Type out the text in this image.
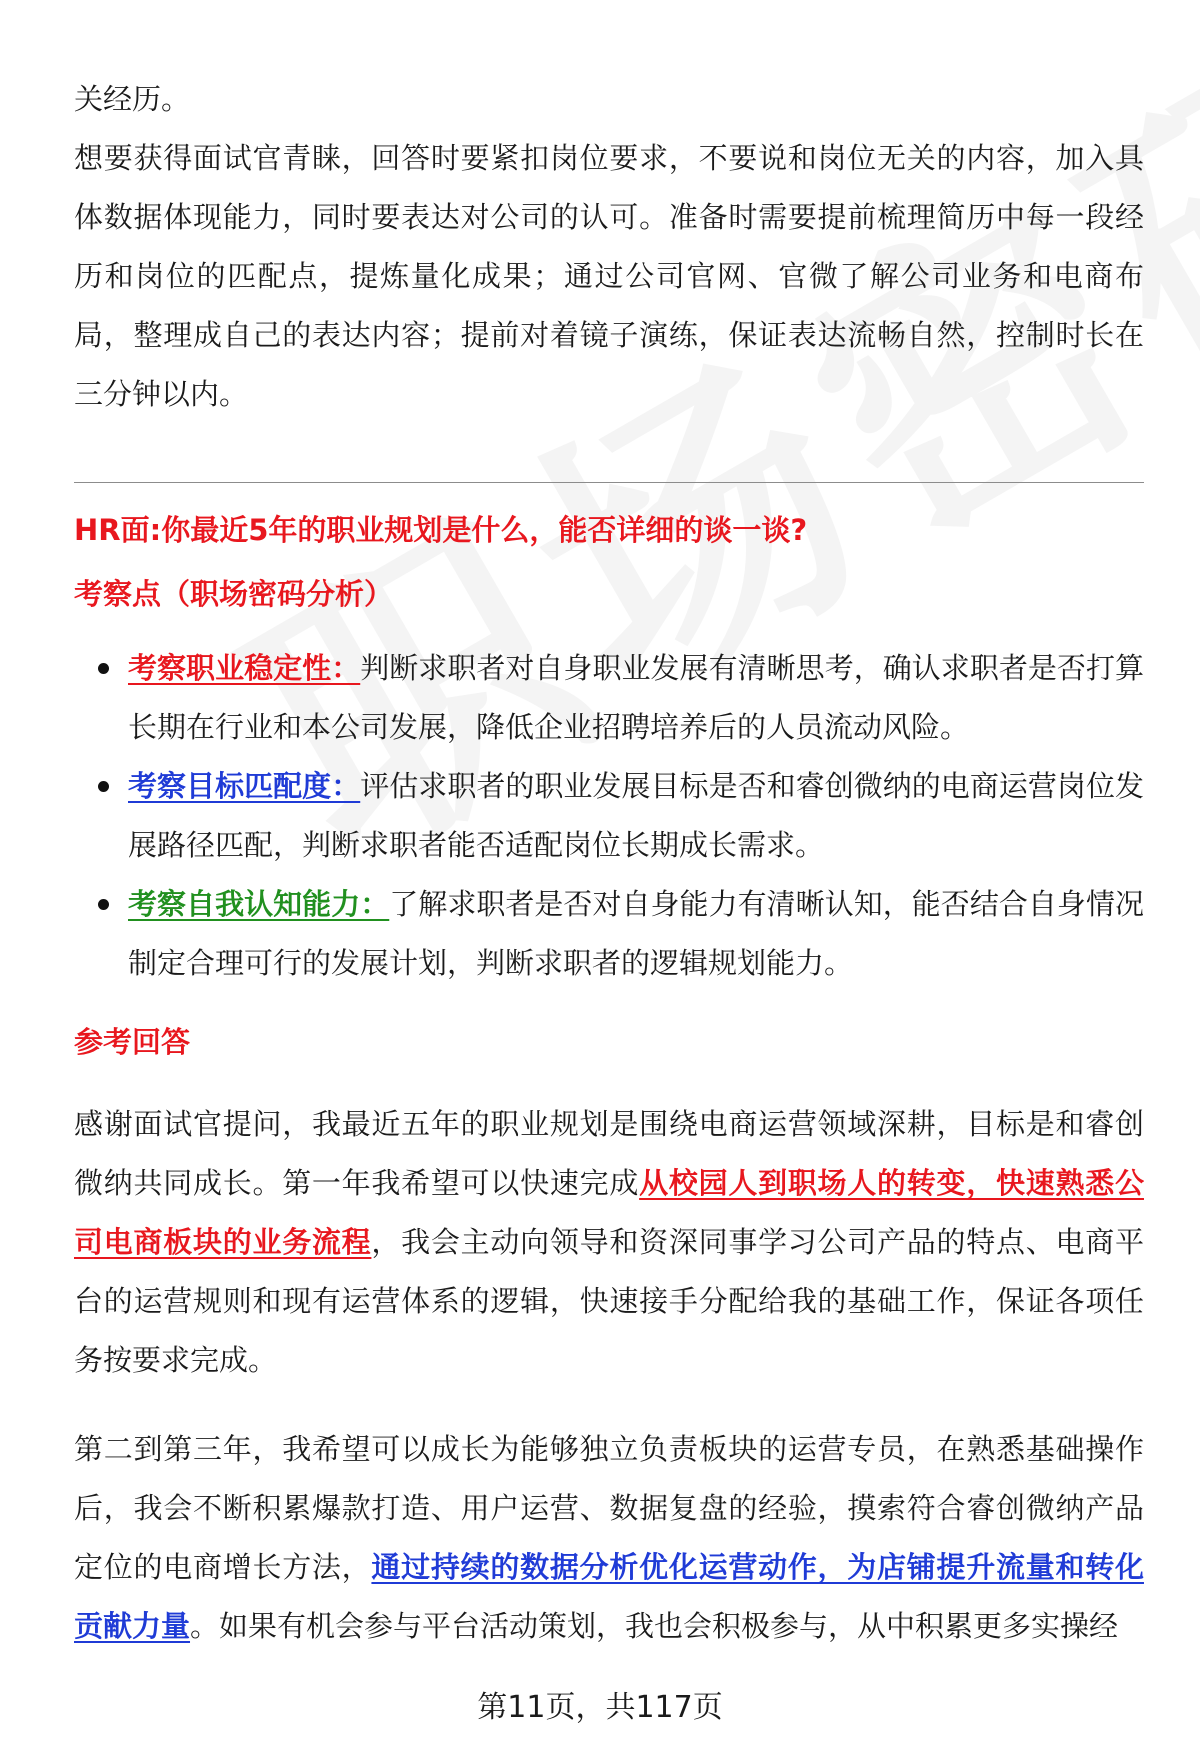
关经历。

想要获得面试官青睐，回答时要紧扣岗位要求，不要说和岗位无关的内容，加入具体数据体现能力，同时要表达对公司的认可。准备时需要提前梳理简历中每一段经历和岗位的匹配点，提炼量化成果；通过公司官网、官微了解公司业务和电商布局，整理成自己的表达内容；提前对着镜子演练，保证表达流畅自然，控制时长在三分钟以内。

HR面:你最近5年的职业规划是什么，能否详细的谈一谈?
考察点（职场密码分析）
考察职业稳定性：判断求职者对自身职业发展有清晰思考，确认求职者是否打算长期在行业和本公司发展，降低企业招聘培养后的人员流动风险。
考察目标匹配度：评估求职者的职业发展目标是否和睿创微纳的电商运营岗位发展路径匹配，判断求职者能否适配岗位长期成长需求。
考察自我认知能力：了解求职者是否对自身能力有清晰认知，能否结合自身情况制定合理可行的发展计划，判断求职者的逻辑规划能力。
参考回答

感谢面试官提问，我最近五年的职业规划是围绕电商运营领域深耕，目标是和睿创微纳共同成长。第一年我希望可以快速完成从校园人到职场人的转变，快速熟悉公司电商板块的业务流程，我会主动向领导和资深同事学习公司产品的特点、电商平台的运营规则和现有运营体系的逻辑，快速接手分配给我的基础工作，保证各项任务按要求完成。

第二到第三年，我希望可以成长为能够独立负责板块的运营专员，在熟悉基础操作后，我会不断积累爆款打造、用户运营、数据复盘的经验，摸索符合睿创微纳产品定位的电商增长方法，通过持续的数据分析优化运营动作，为店铺提升流量和转化贡献力量。如果有机会参与平台活动策划，我也会积极参与，从中积累更多实操经

第11页，共117页
